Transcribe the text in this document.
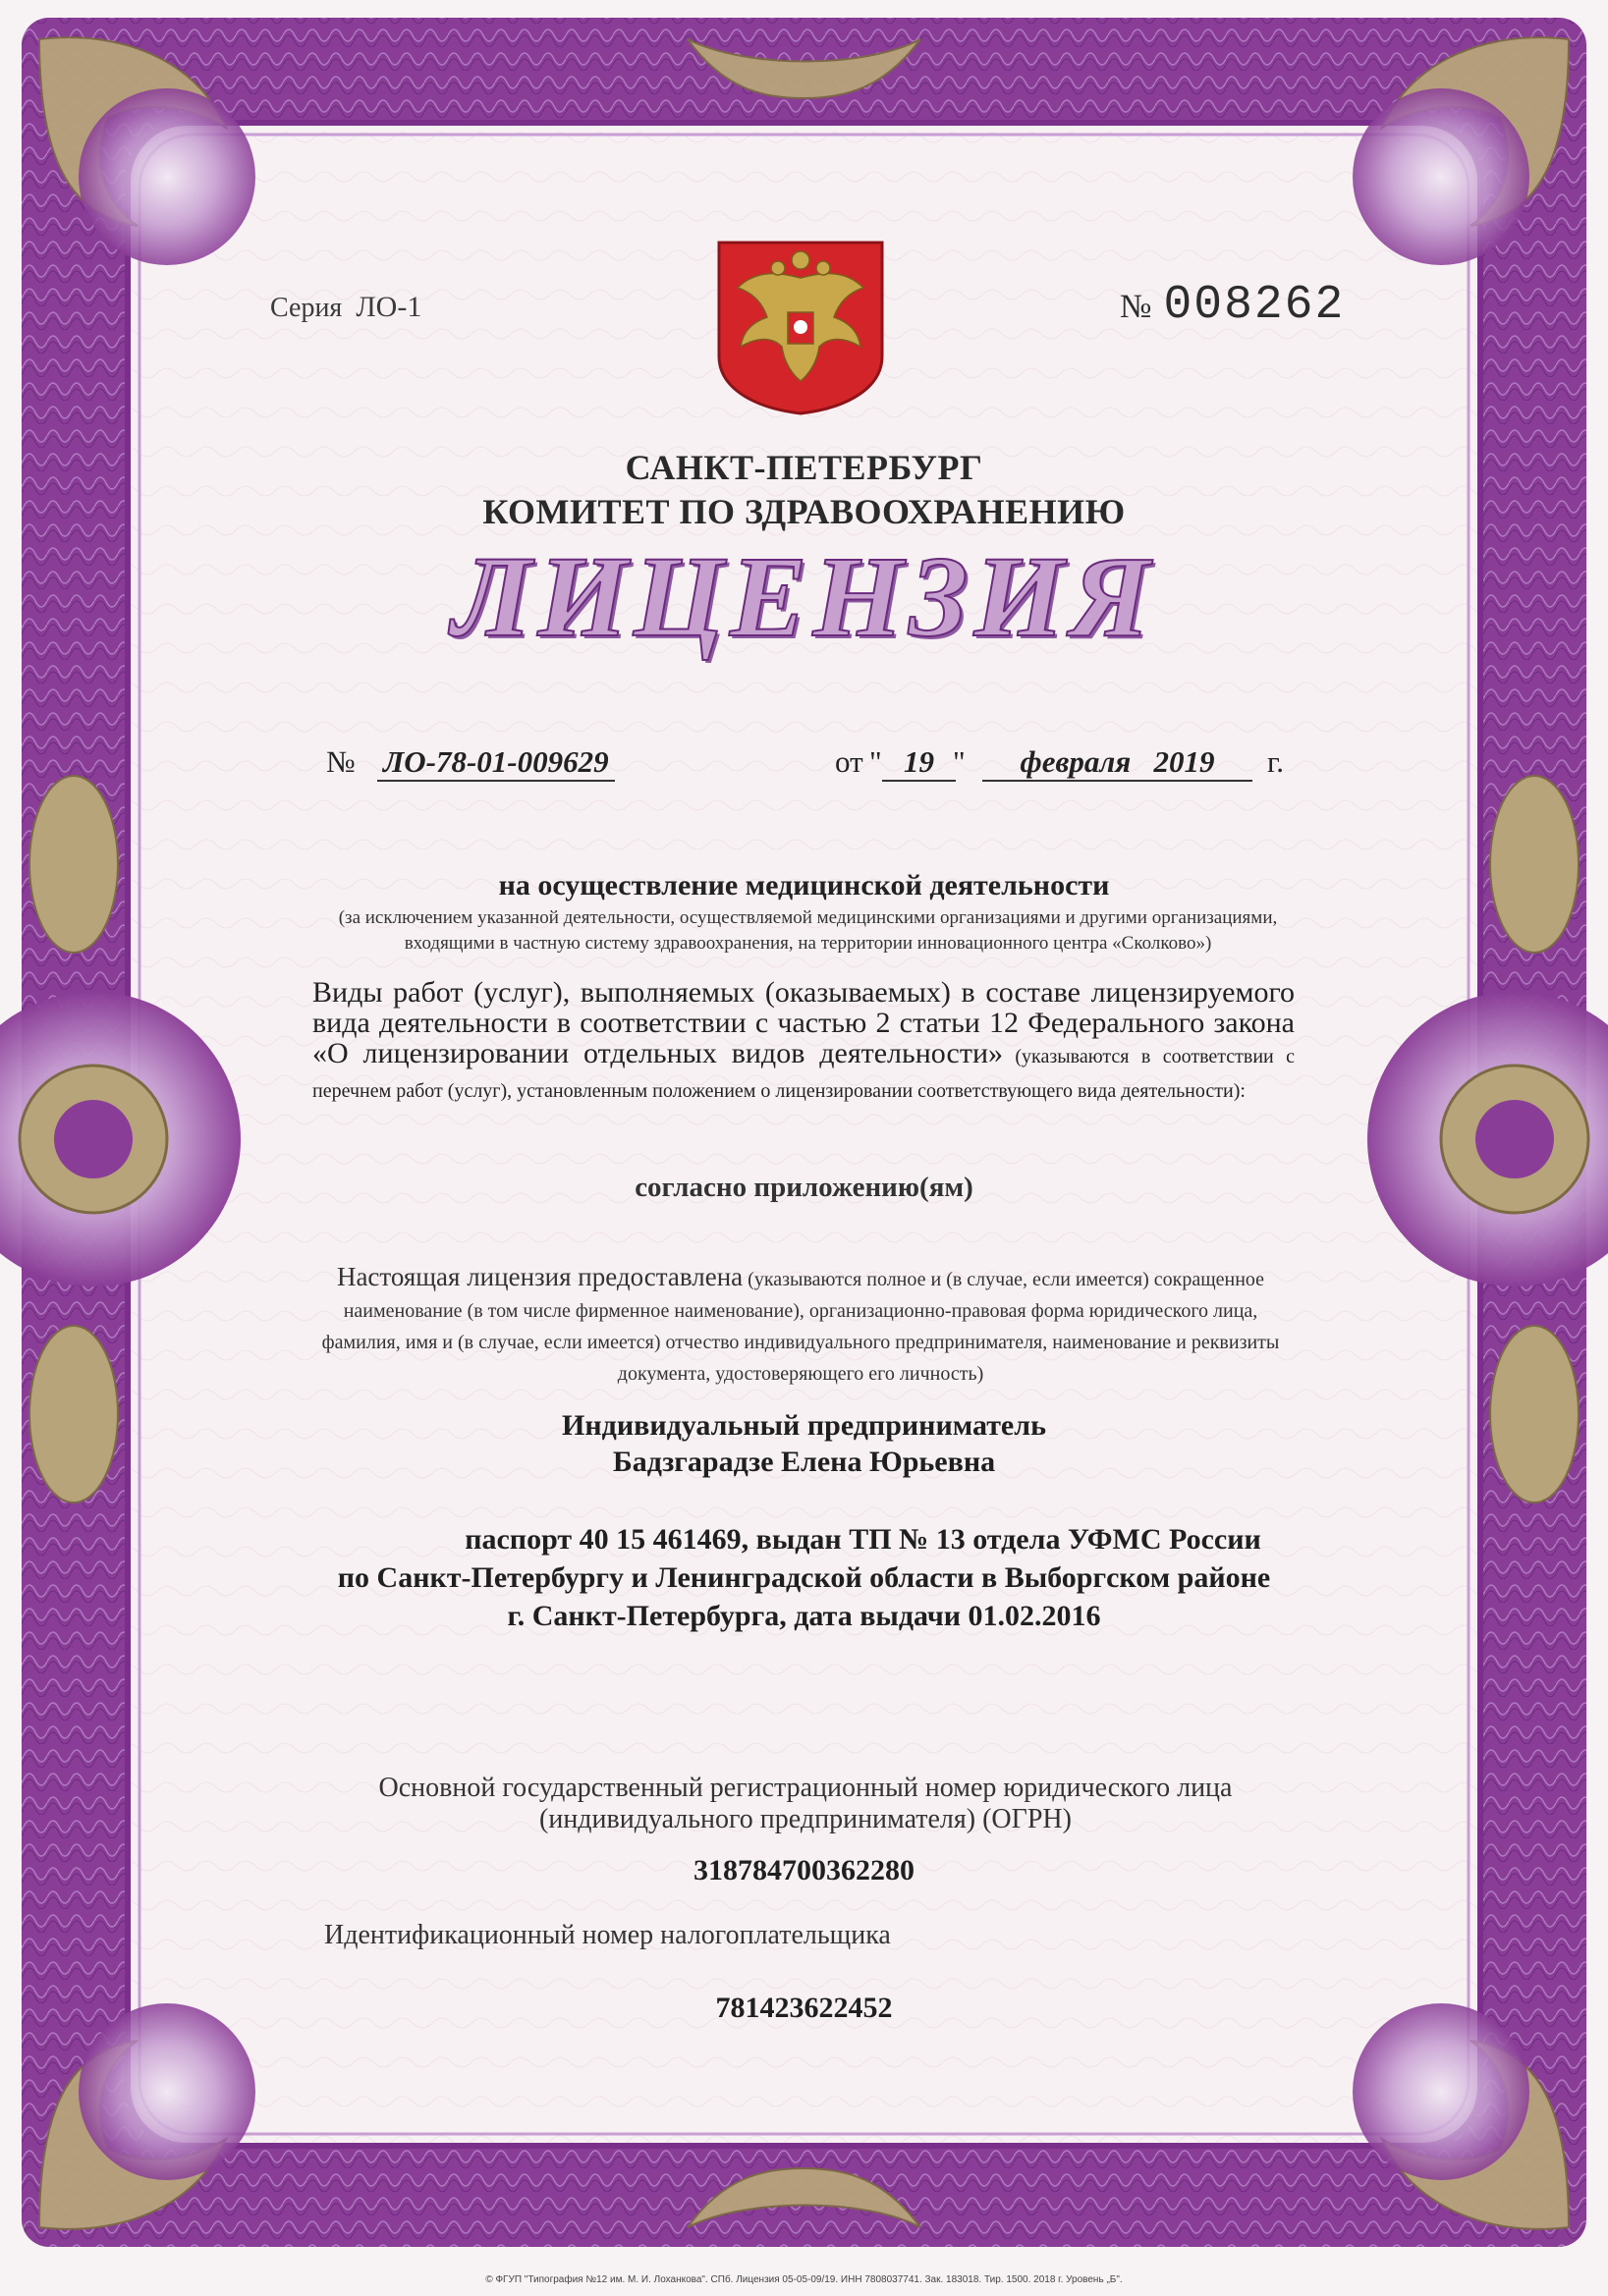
Серия ЛО-1	№ 008262
САНКТ-ПЕТЕРБУРГ
КОМИТЕТ ПО ЗДРАВООХРАНЕНИЮ
ЛИЦЕНЗИЯ
№ ЛО-78-01-009629	от " 19 "	февраля   2019	г.
на осуществление медицинской деятельности
(за исключением указанной деятельности, осуществляемой медицинскими организациями и другими организациями, входящими в частную систему здравоохранения, на территории инновационного центра «Сколково»)
Виды работ (услуг), выполняемых (оказываемых) в составе лицензируемого вида деятельности в соответствии с частью 2 статьи 12 Федерального закона «О лицензировании отдельных видов деятельности» (указываются в соответствии с перечнем работ (услуг), установленным положением о лицензировании соответствующего вида деятельности):
согласно приложению(ям)
Настоящая лицензия предоставлена (указываются полное и (в случае, если имеется) сокращенное наименование (в том числе фирменное наименование), организационно-правовая форма юридического лица, фамилия, имя и (в случае, если имеется) отчество индивидуального предпринимателя, наименование и реквизиты документа, удостоверяющего его личность)
Индивидуальный предприниматель
Бадзгарадзе Елена Юрьевна
паспорт 40 15 461469, выдан ТП № 13 отдела УФМС России
по Санкт-Петербургу и Ленинградской области в Выборгском районе
г. Санкт-Петербурга, дата выдачи 01.02.2016
Основной государственный регистрационный номер юридического лица (индивидуального предпринимателя) (ОГРН)
318784700362280
Идентификационный номер налогоплательщика
781423622452
© ФГУП "Типография №12 им. М. И. Лоханкова". СПб. Лицензия 05-05-09/19. ИНН 7808037741. Зак. 183018. Тир. 1500. 2018 г. Уровень „Б".
